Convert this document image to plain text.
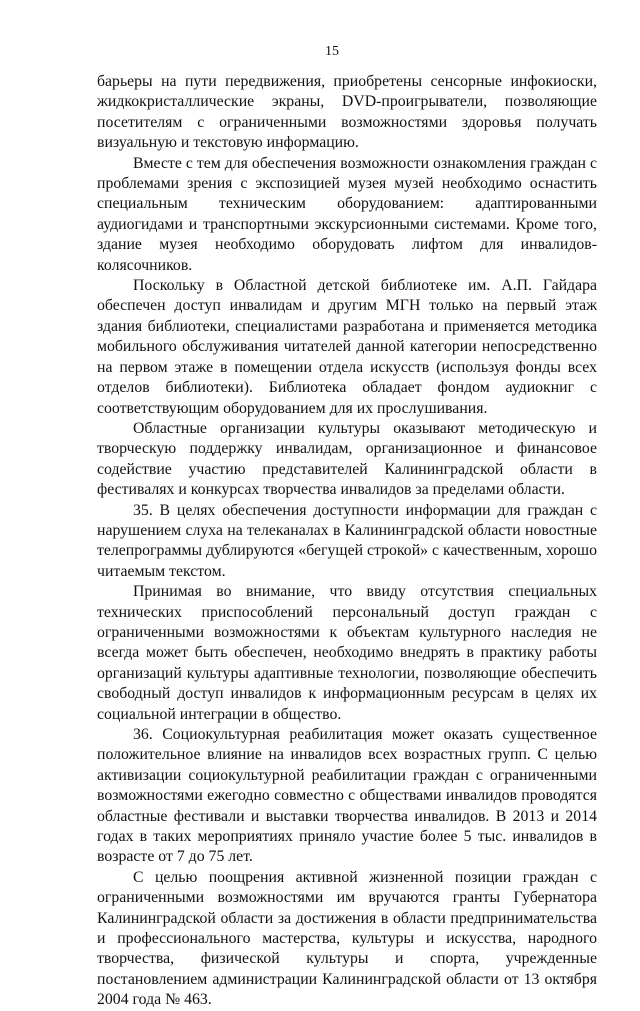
15

барьеры на пути передвижения, приобретены сенсорные инфокиоски, жидкокристаллические экраны, DVD-проигрыватели, позволяющие посетителям с ограниченными возможностями здоровья получать визуальную и текстовую информацию.

Вместе с тем для обеспечения возможности ознакомления граждан с проблемами зрения с экспозицией музея музей необходимо оснастить специальным техническим оборудованием: адаптированными аудиогидами и транспортными экскурсионными системами. Кроме того, здание музея необходимо оборудовать лифтом для инвалидов-колясочников.

Поскольку в Областной детской библиотеке им. А.П. Гайдара обеспечен доступ инвалидам и другим МГН только на первый этаж здания библиотеки, специалистами разработана и применяется методика мобильного обслуживания читателей данной категории непосредственно на первом этаже в помещении отдела искусств (используя фонды всех отделов библиотеки). Библиотека обладает фондом аудиокниг с соответствующим оборудованием для их прослушивания.

Областные организации культуры оказывают методическую и творческую поддержку инвалидам, организационное и финансовое содействие участию представителей Калининградской области в фестивалях и конкурсах творчества инвалидов за пределами области.

35. В целях обеспечения доступности информации для граждан с нарушением слуха на телеканалах в Калининградской области новостные телепрограммы дублируются «бегущей строкой» с качественным, хорошо читаемым текстом.

Принимая во внимание, что ввиду отсутствия специальных технических приспособлений персональный доступ граждан с ограниченными возможностями к объектам культурного наследия не всегда может быть обеспечен, необходимо внедрять в практику работы организаций культуры адаптивные технологии, позволяющие обеспечить свободный доступ инвалидов к информационным ресурсам в целях их социальной интеграции в общество.

36. Социокультурная реабилитация может оказать существенное положительное влияние на инвалидов всех возрастных групп. С целью активизации социокультурной реабилитации граждан с ограниченными возможностями ежегодно совместно с обществами инвалидов проводятся областные фестивали и выставки творчества инвалидов. В 2013 и 2014 годах в таких мероприятиях приняло участие более 5 тыс. инвалидов в возрасте от 7 до 75 лет.

С целью поощрения активной жизненной позиции граждан с ограниченными возможностями им вручаются гранты Губернатора Калининградской области за достижения в области предпринимательства и профессионального мастерства, культуры и искусства, народного творчества, физической культуры и спорта, учрежденные постановлением администрации Калининградской области от 13 октября 2004 года № 463.
